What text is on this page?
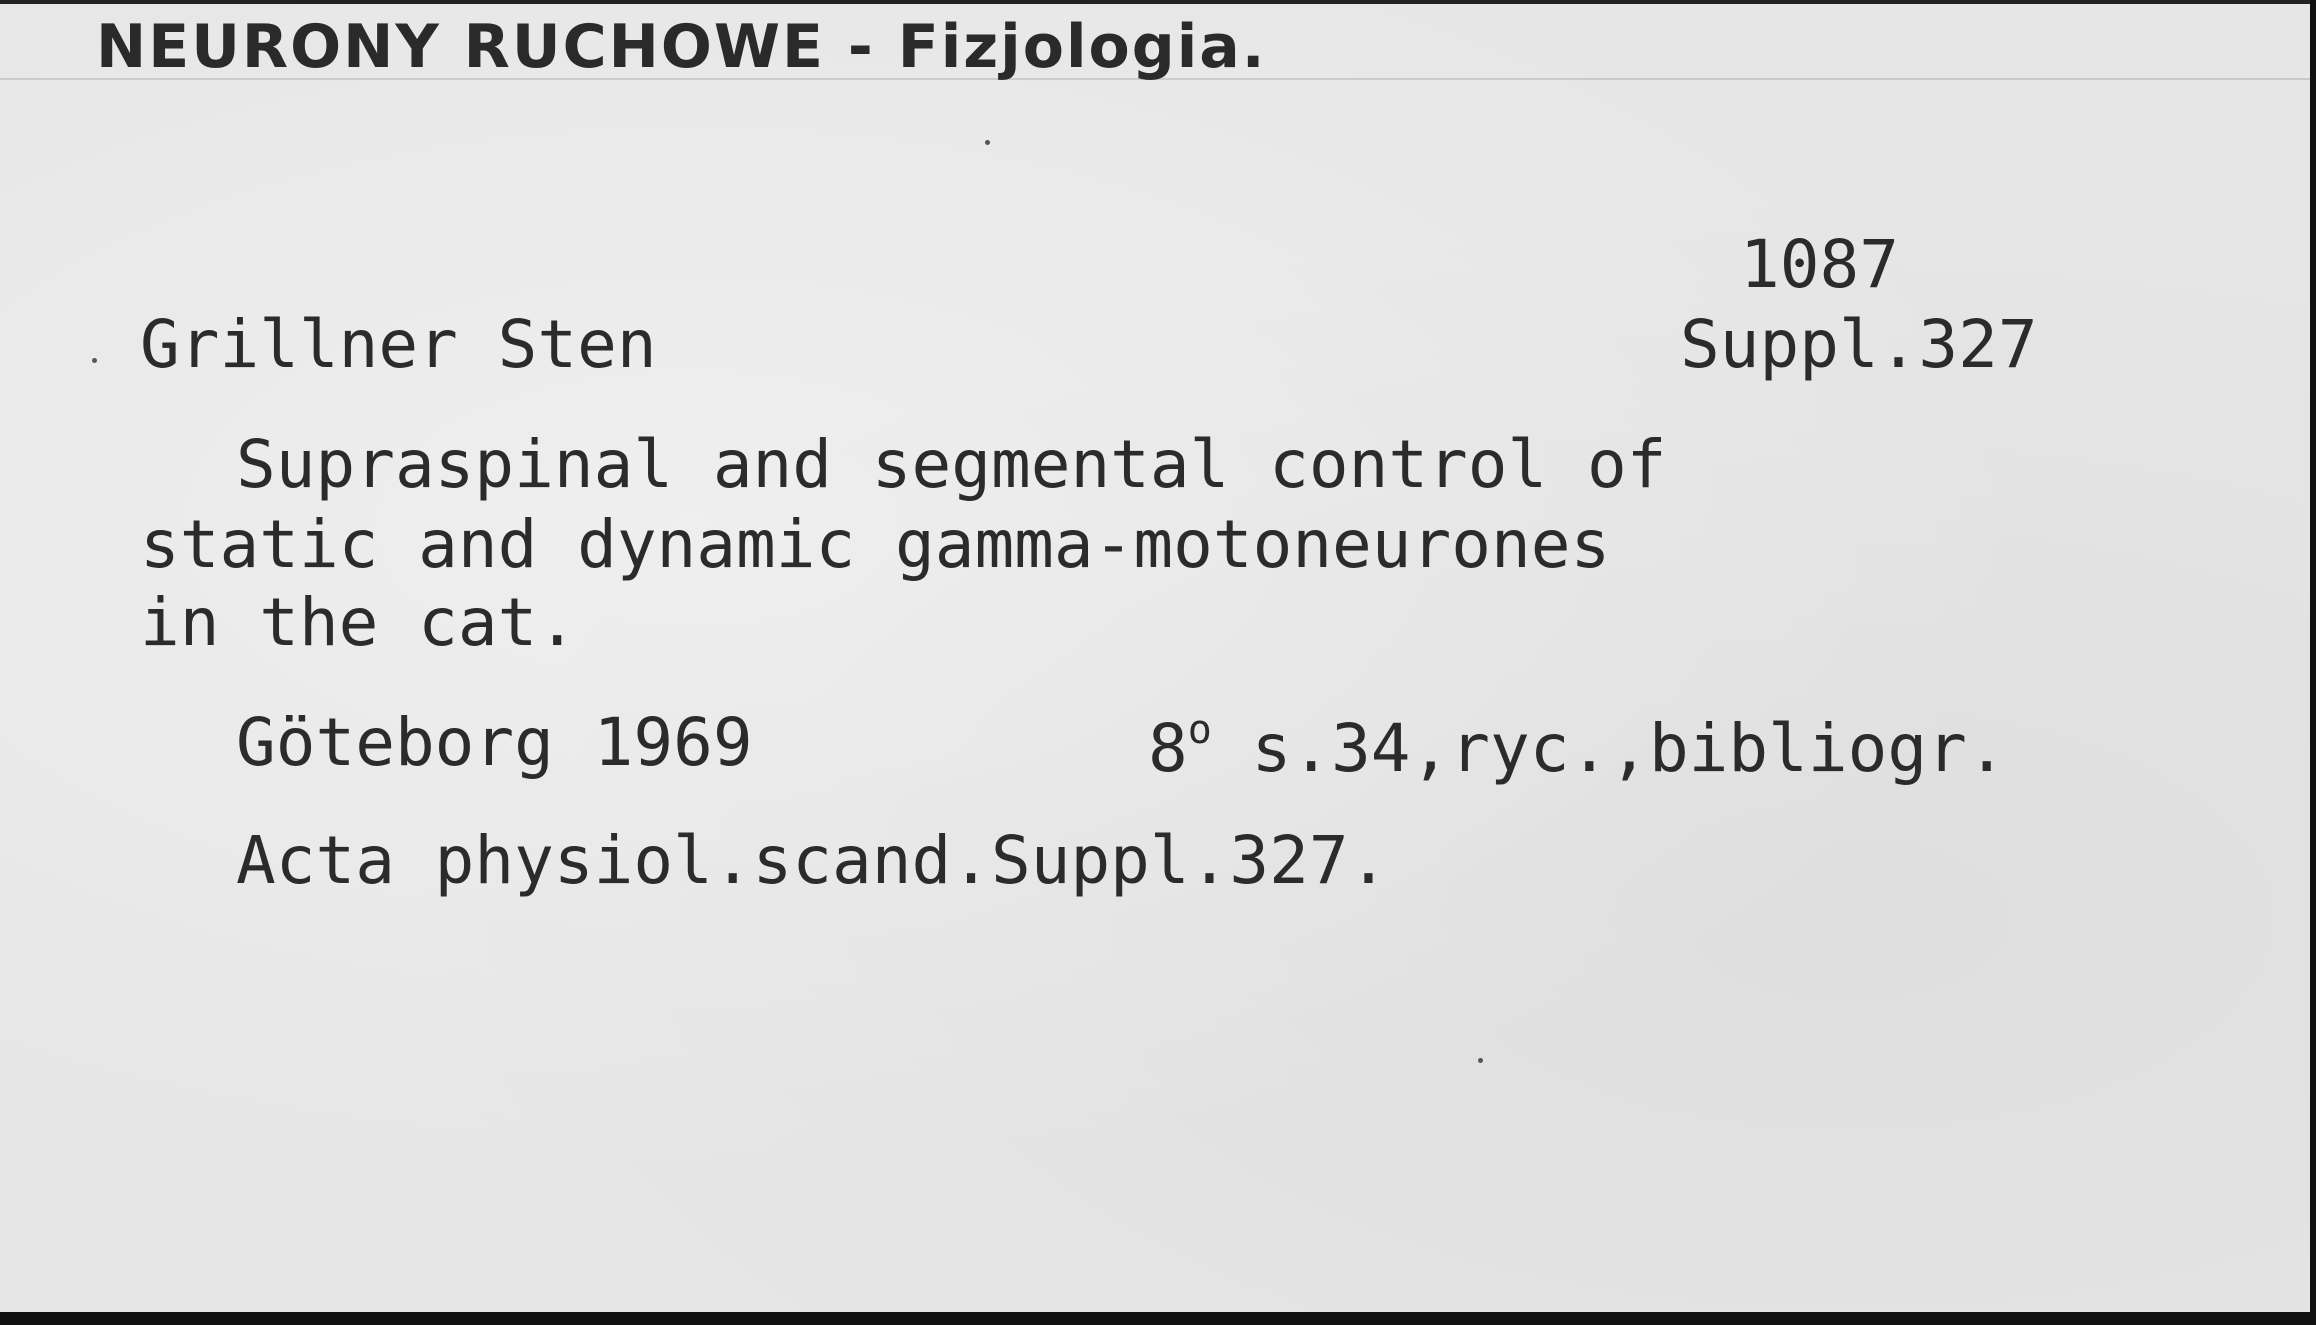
NEURONY RUCHOWE - Fizjologia.
1087
Suppl.327
Grillner Sten
Supraspinal and segmental control of
static and dynamic gamma-motoneurones
in the cat.
Göteborg 1969	8$^o$ s.34,ryc.,bibliogr.
Acta physiol.scand.Suppl.327.
